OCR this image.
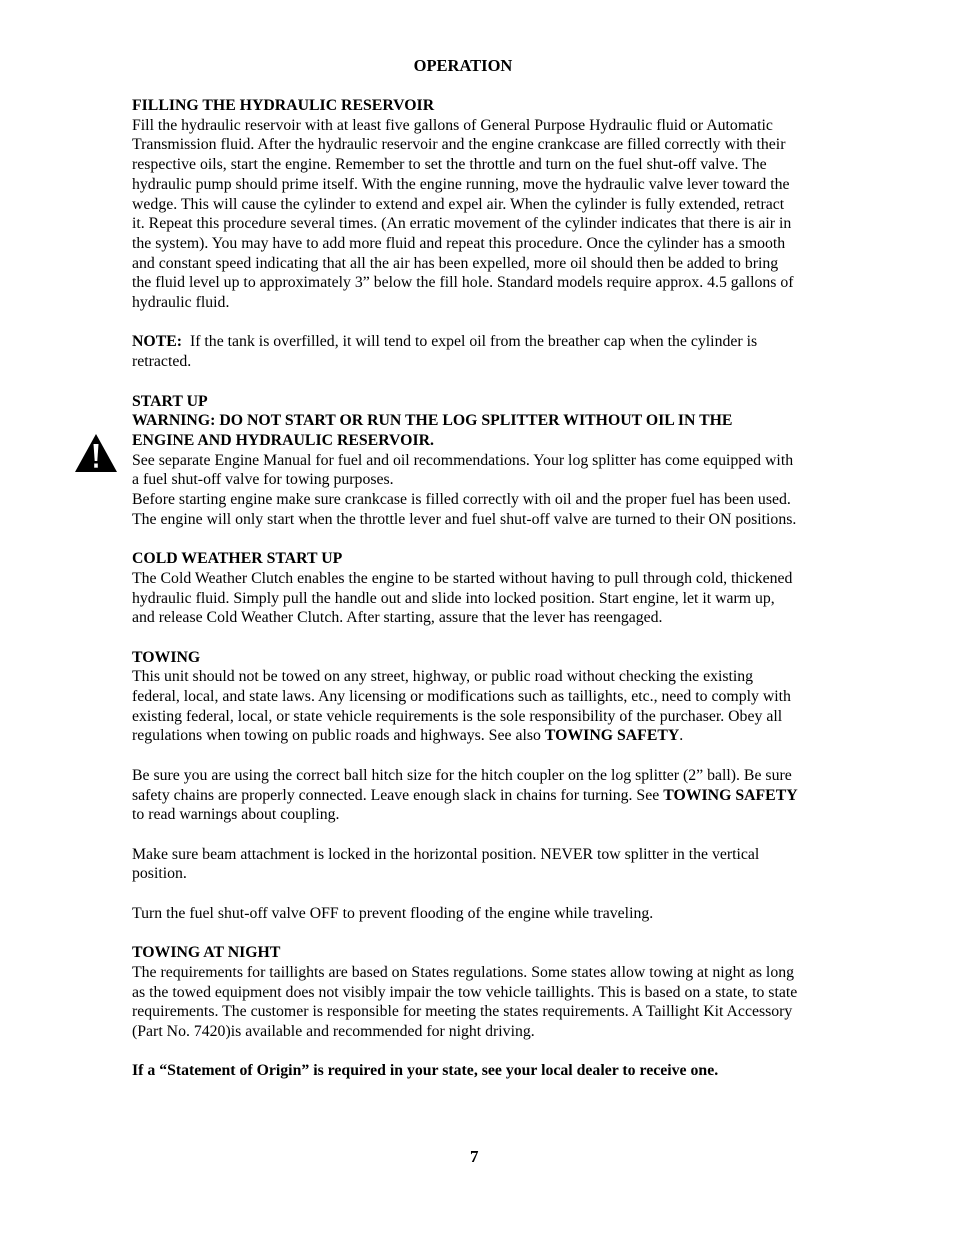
OPERATION

FILLING THE HYDRAULIC RESERVOIR
Fill the hydraulic reservoir with at least five gallons of General Purpose Hydraulic fluid or Automatic Transmission fluid. After the hydraulic reservoir and the engine crankcase are filled correctly with their respective oils, start the engine. Remember to set the throttle and turn on the fuel shut-off valve. The hydraulic pump should prime itself. With the engine running, move the hydraulic valve lever toward the wedge. This will cause the cylinder to extend and expel air. When the cylinder is fully extended, retract it. Repeat this procedure several times. (An erratic movement of the cylinder indicates that there is air in the system). You may have to add more fluid and repeat this procedure. Once the cylinder has a smooth and constant speed indicating that all the air has been expelled, more oil should then be added to bring the fluid level up to approximately 3” below the fill hole. Standard models require approx. 4.5 gallons of hydraulic fluid.

NOTE: If the tank is overfilled, it will tend to expel oil from the breather cap when the cylinder is retracted.

START UP
WARNING: DO NOT START OR RUN THE LOG SPLITTER WITHOUT OIL IN THE ENGINE AND HYDRAULIC RESERVOIR.
See separate Engine Manual for fuel and oil recommendations. Your log splitter has come equipped with a fuel shut-off valve for towing purposes.

Before starting engine make sure crankcase is filled correctly with oil and the proper fuel has been used. The engine will only start when the throttle lever and fuel shut-off valve are turned to their ON positions.

COLD WEATHER START UP
The Cold Weather Clutch enables the engine to be started without having to pull through cold, thickened hydraulic fluid. Simply pull the handle out and slide into locked position. Start engine, let it warm up, and release Cold Weather Clutch. After starting, assure that the lever has reengaged.

TOWING
This unit should not be towed on any street, highway, or public road without checking the existing federal, local, and state laws. Any licensing or modifications such as taillights, etc., need to comply with existing federal, local, or state vehicle requirements is the sole responsibility of the purchaser. Obey all regulations when towing on public roads and highways. See also TOWING SAFETY.

Be sure you are using the correct ball hitch size for the hitch coupler on the log splitter (2” ball). Be sure safety chains are properly connected. Leave enough slack in chains for turning. See TOWING SAFETY to read warnings about coupling.

Make sure beam attachment is locked in the horizontal position. NEVER tow splitter in the vertical position.

Turn the fuel shut-off valve OFF to prevent flooding of the engine while traveling.

TOWING AT NIGHT
The requirements for taillights are based on States regulations. Some states allow towing at night as long as the towed equipment does not visibly impair the tow vehicle taillights. This is based on a state, to state requirements. The customer is responsible for meeting the states requirements. A Taillight Kit Accessory (Part No. 7420)is available and recommended for night driving.

If a “Statement of Origin” is required in your state, see your local dealer to receive one.

7
